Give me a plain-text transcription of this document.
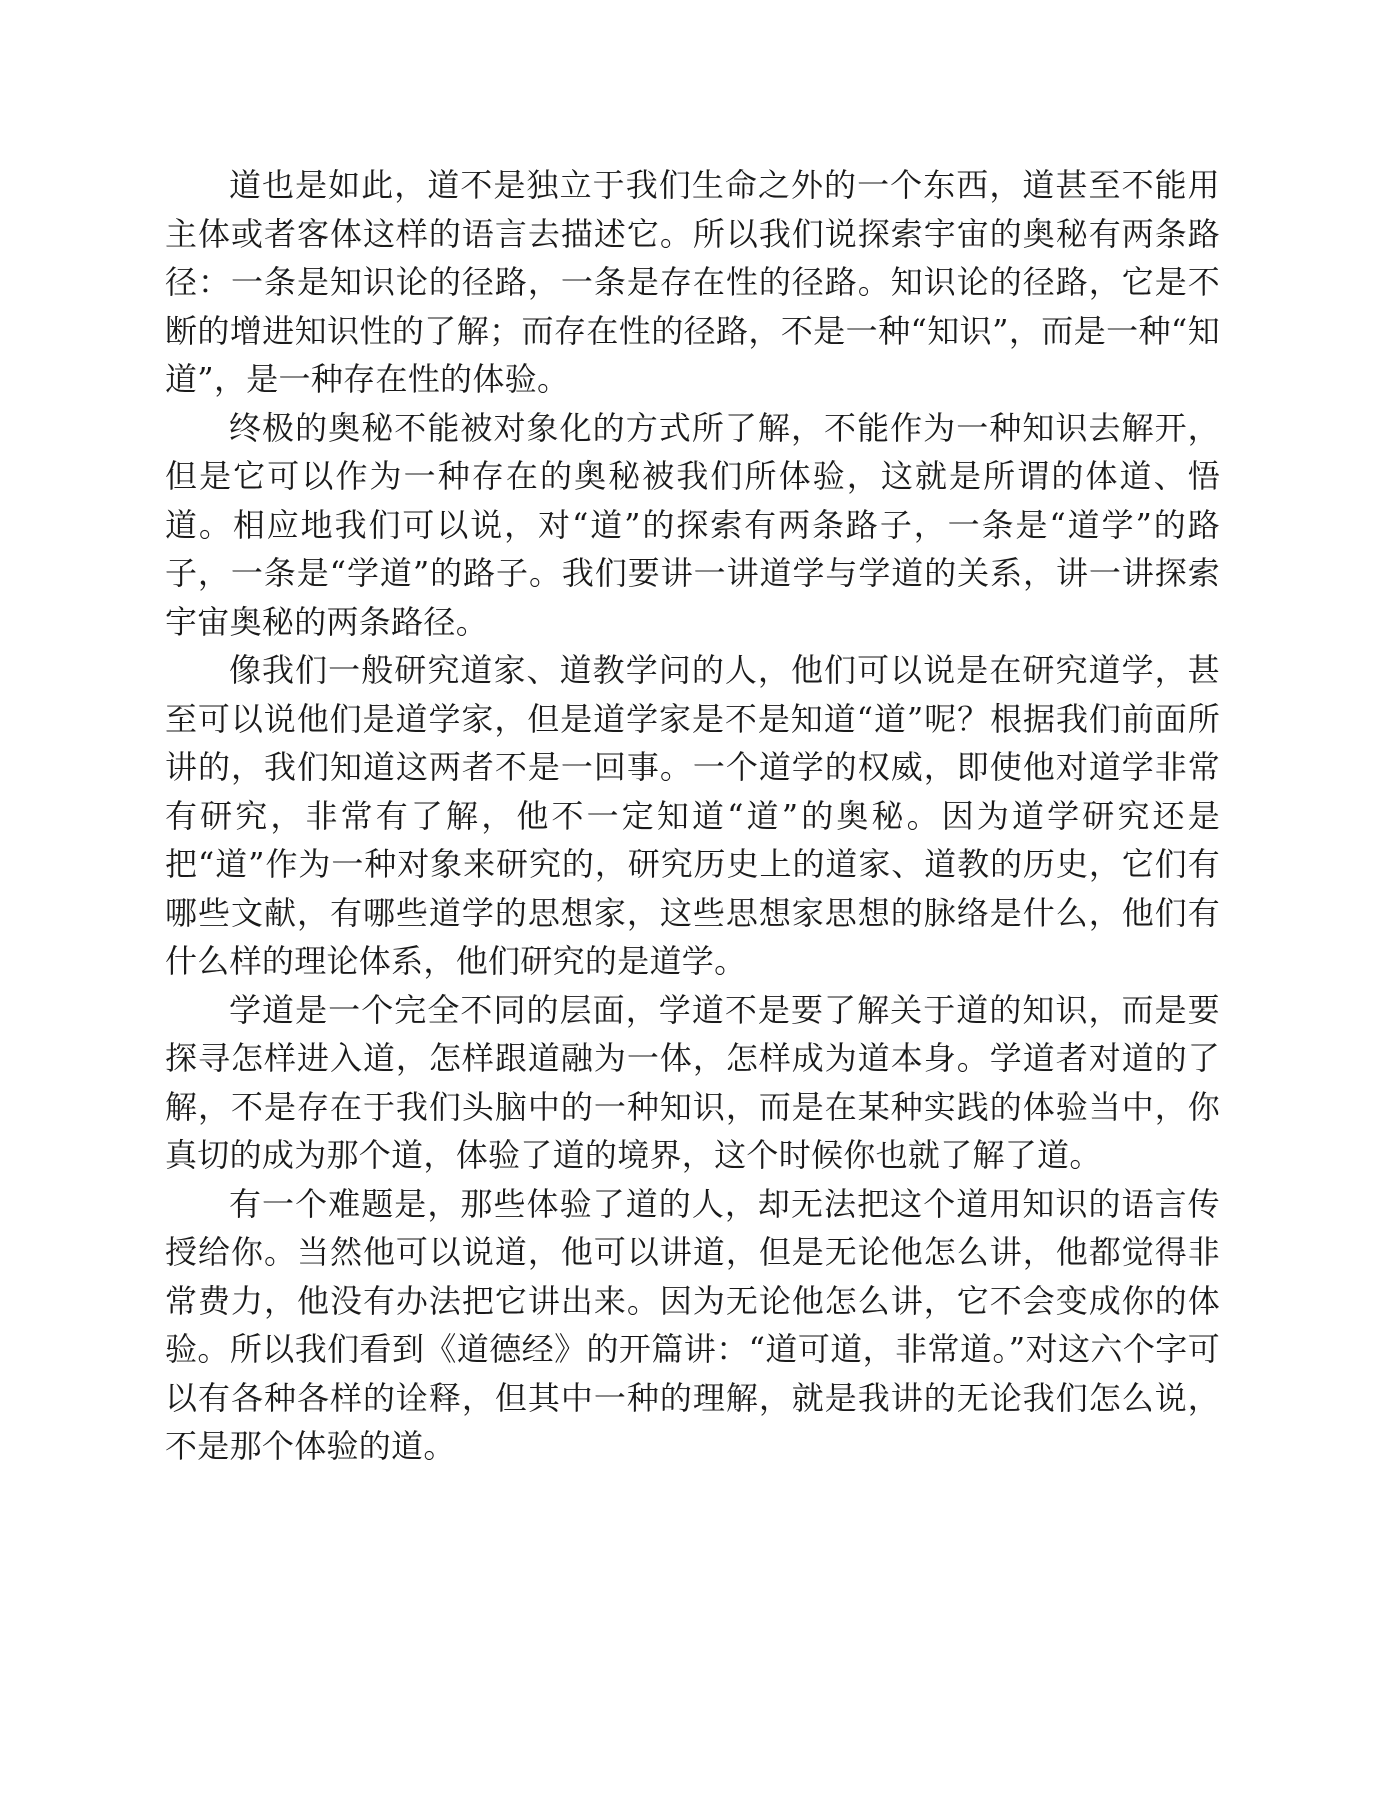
道也是如此，道不是独立于我们生命之外的一个东西，道甚至不能用主体或者客体这样的语言去描述它。所以我们说探索宇宙的奥秘有两条路径：一条是知识论的径路，一条是存在性的径路。知识论的径路，它是不断的增进知识性的了解；而存在性的径路，不是一种“知识”，而是一种“知道”，是一种存在性的体验。

终极的奥秘不能被对象化的方式所了解，不能作为一种知识去解开，但是它可以作为一种存在的奥秘被我们所体验，这就是所谓的体道、悟道。相应地我们可以说，对“道”的探索有两条路子，一条是“道学”的路子，一条是“学道”的路子。我们要讲一讲道学与学道的关系，讲一讲探索宇宙奥秘的两条路径。

像我们一般研究道家、道教学问的人，他们可以说是在研究道学，甚至可以说他们是道学家，但是道学家是不是知道“道”呢？根据我们前面所讲的，我们知道这两者不是一回事。一个道学的权威，即使他对道学非常有研究，非常有了解，他不一定知道“道”的奥秘。因为道学研究还是把“道”作为一种对象来研究的，研究历史上的道家、道教的历史，它们有哪些文献，有哪些道学的思想家，这些思想家思想的脉络是什么，他们有什么样的理论体系，他们研究的是道学。

学道是一个完全不同的层面，学道不是要了解关于道的知识，而是要探寻怎样进入道，怎样跟道融为一体，怎样成为道本身。学道者对道的了解，不是存在于我们头脑中的一种知识，而是在某种实践的体验当中，你真切的成为那个道，体验了道的境界，这个时候你也就了解了道。

有一个难题是，那些体验了道的人，却无法把这个道用知识的语言传授给你。当然他可以说道，他可以讲道，但是无论他怎么讲，他都觉得非常费力，他没有办法把它讲出来。因为无论他怎么讲，它不会变成你的体验。所以我们看到《道德经》的开篇讲：“道可道，非常道。”对这六个字可以有各种各样的诠释，但其中一种的理解，就是我讲的无论我们怎么说，不是那个体验的道。
